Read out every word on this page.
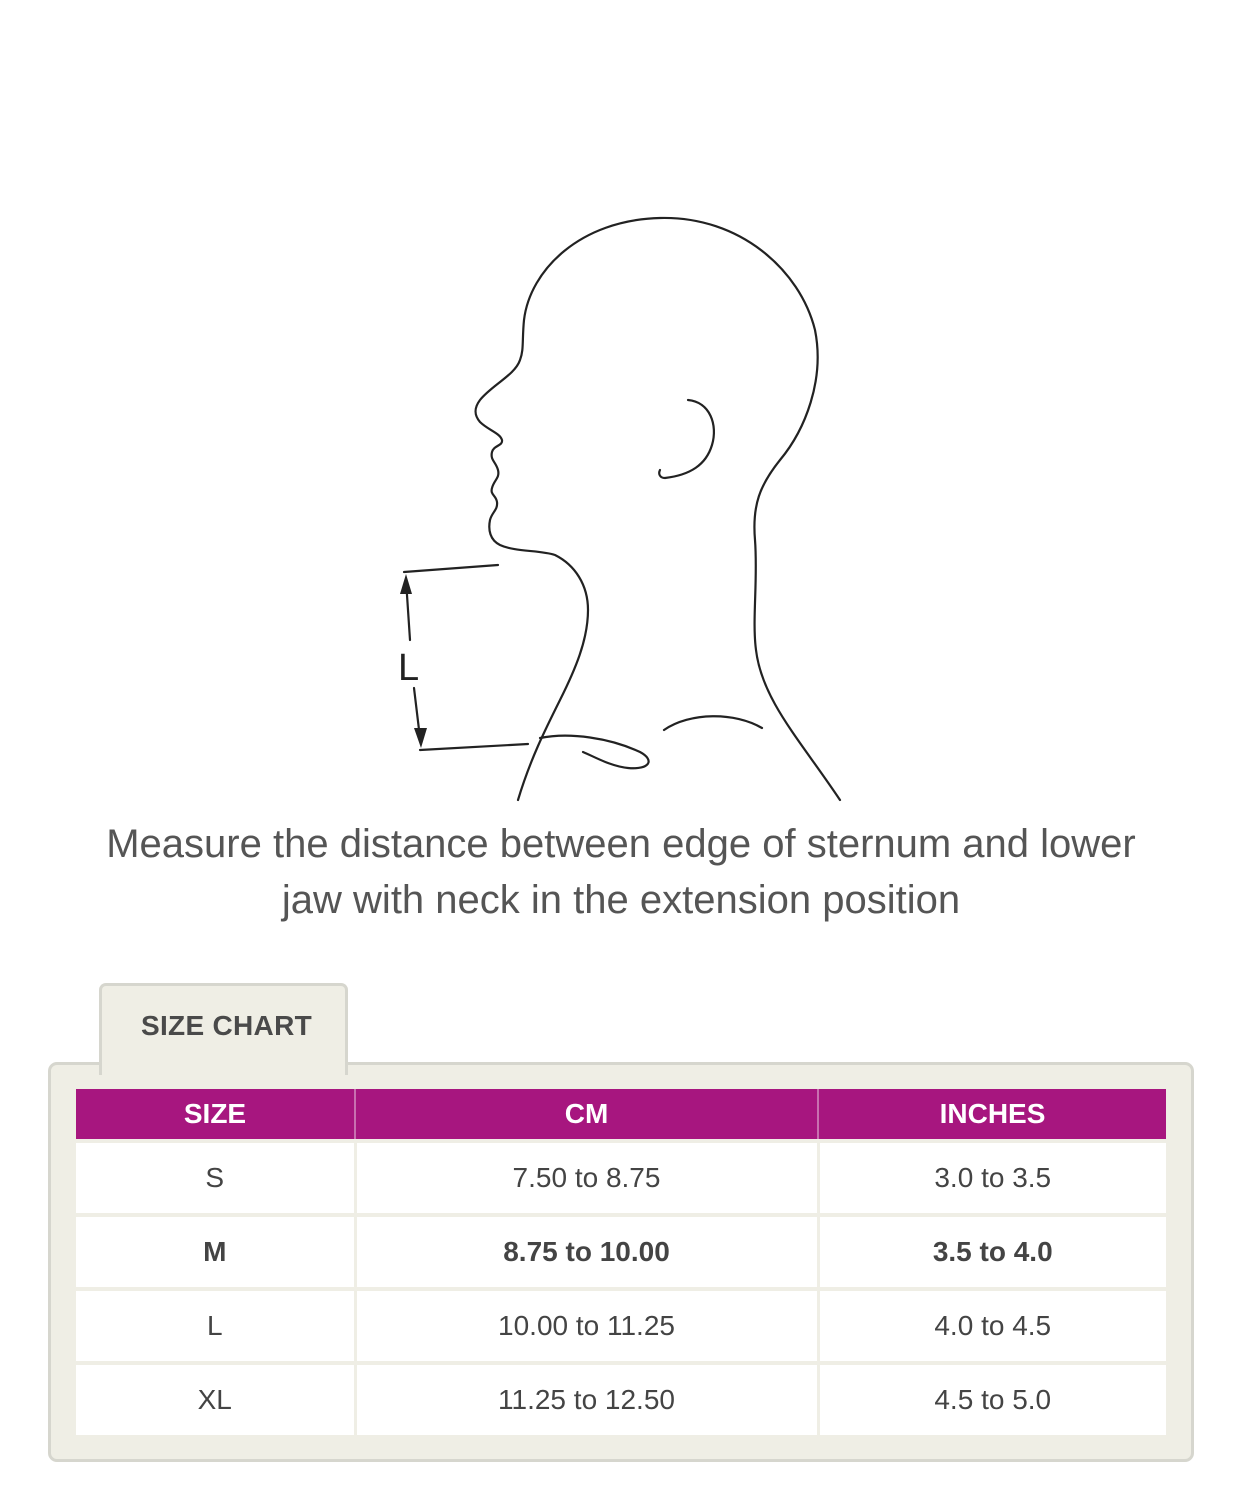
L
Measure the distance between edge of sternum and lower
jaw with neck in the extension position
SIZE CHART
SIZE	CM	INCHES
S	7.50 to 8.75	3.0 to 3.5
M	8.75 to 10.00	3.5 to 4.0
L	10.00 to 11.25	4.0 to 4.5
XL	11.25 to 12.50	4.5 to 5.0
